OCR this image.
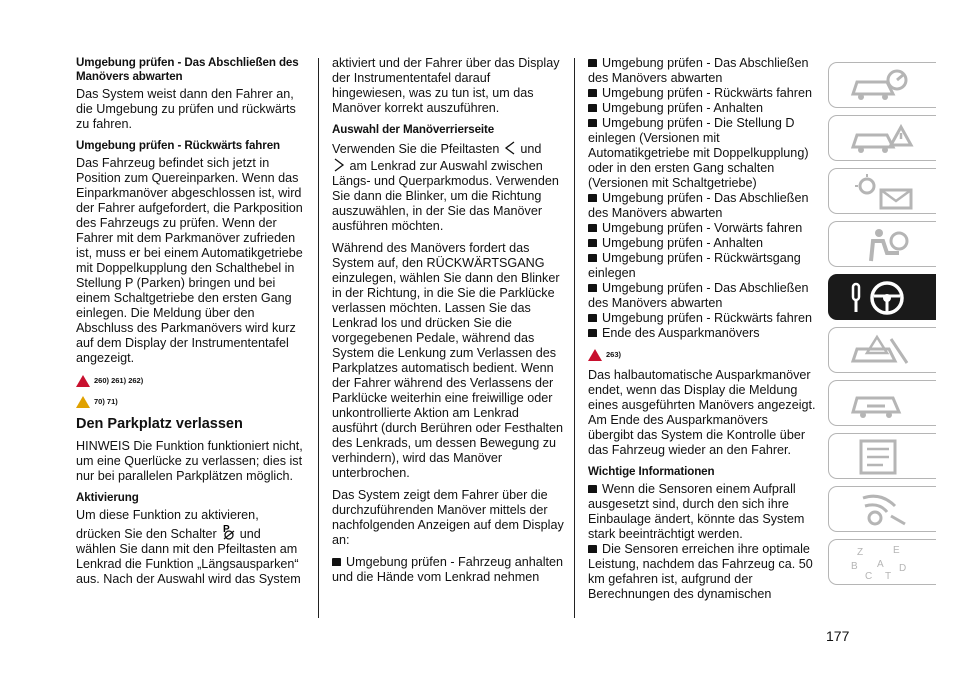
Umgebung prüfen - Das Abschließen des Manövers abwarten
Das System weist dann den Fahrer an, die Umgebung zu prüfen und rückwärts zu fahren.
Umgebung prüfen - Rückwärts fahren
Das Fahrzeug befindet sich jetzt in Position zum Quereinparken. Wenn das Einparkmanöver abgeschlossen ist, wird der Fahrer aufgefordert, die Parkposition des Fahrzeugs zu prüfen. Wenn der Fahrer mit dem Parkmanöver zufrieden ist, muss er bei einem Automatikgetriebe mit Doppelkupplung den Schalthebel in Stellung P (Parken) bringen und bei einem Schaltgetriebe den ersten Gang einlegen. Die Meldung über den Abschluss des Parkmanövers wird kurz auf dem Display der Instrumententafel angezeigt.
260) 261) 262)
70) 71)
Den Parkplatz verlassen
HINWEIS Die Funktion funktioniert nicht, um eine Querlücke zu verlassen; dies ist nur bei parallelen Parkplätzen möglich.
Aktivierung
Um diese Funktion zu aktivieren, drücken Sie den Schalter P und wählen Sie dann mit den Pfeiltasten am Lenkrad die Funktion „Längsausparken“ aus. Nach der Auswahl wird das System
aktiviert und der Fahrer über das Display der Instrumententafel darauf hingewiesen, was zu tun ist, um das Manöver korrekt auszuführen.
Auswahl der Manöverrierseite
Verwenden Sie die Pfeiltasten und
am Lenkrad zur Auswahl zwischen Längs- und Querparkmodus. Verwenden Sie dann die Blinker, um die Richtung auszuwählen, in der Sie das Manöver ausführen möchten.
Während des Manövers fordert das System auf, den RÜCKWÄRTSGANG einzulegen, wählen Sie dann den Blinker in der Richtung, in die Sie die Parklücke verlassen möchten. Lassen Sie das Lenkrad los und drücken Sie die vorgegebenen Pedale, während das System die Lenkung zum Verlassen des Parkplatzes automatisch bedient. Wenn der Fahrer während des Verlassens der Parklücke weiterhin eine freiwillige oder unkontrollierte Aktion am Lenkrad ausführt (durch Berühren oder Festhalten des Lenkrads, um dessen Bewegung zu verhindern), wird das Manöver unterbrochen.
Das System zeigt dem Fahrer über die durchzuführenden Manöver mittels der nachfolgenden Anzeigen auf dem Display an:
Umgebung prüfen - Fahrzeug anhalten und die Hände vom Lenkrad nehmen
Umgebung prüfen - Das Abschließen des Manövers abwarten
Umgebung prüfen - Rückwärts fahren
Umgebung prüfen - Anhalten
Umgebung prüfen - Die Stellung D einlegen (Versionen mit Automatikgetriebe mit Doppelkupplung) oder in den ersten Gang schalten (Versionen mit Schaltgetriebe)
Umgebung prüfen - Das Abschließen des Manövers abwarten
Umgebung prüfen - Vorwärts fahren
Umgebung prüfen - Anhalten
Umgebung prüfen - Rückwärtsgang einlegen
Umgebung prüfen - Das Abschließen des Manövers abwarten
Umgebung prüfen - Rückwärts fahren
Ende des Ausparkmanövers
263)
Das halbautomatische Ausparkmanöver endet, wenn das Display die Meldung eines ausgeführten Manövers angezeigt. Am Ende des Ausparkmanövers übergibt das System die Kontrolle über das Fahrzeug wieder an den Fahrer.
Wichtige Informationen
Wenn die Sensoren einem Aufprall ausgesetzt sind, durch den sich ihre Einbaulage ändert, könnte das System stark beeinträchtigt werden.
Die Sensoren erreichen ihre optimale Leistung, nachdem das Fahrzeug ca. 50 km gefahren ist, aufgrund der Berechnungen des dynamischen
Z	E
B A D
C T
177
